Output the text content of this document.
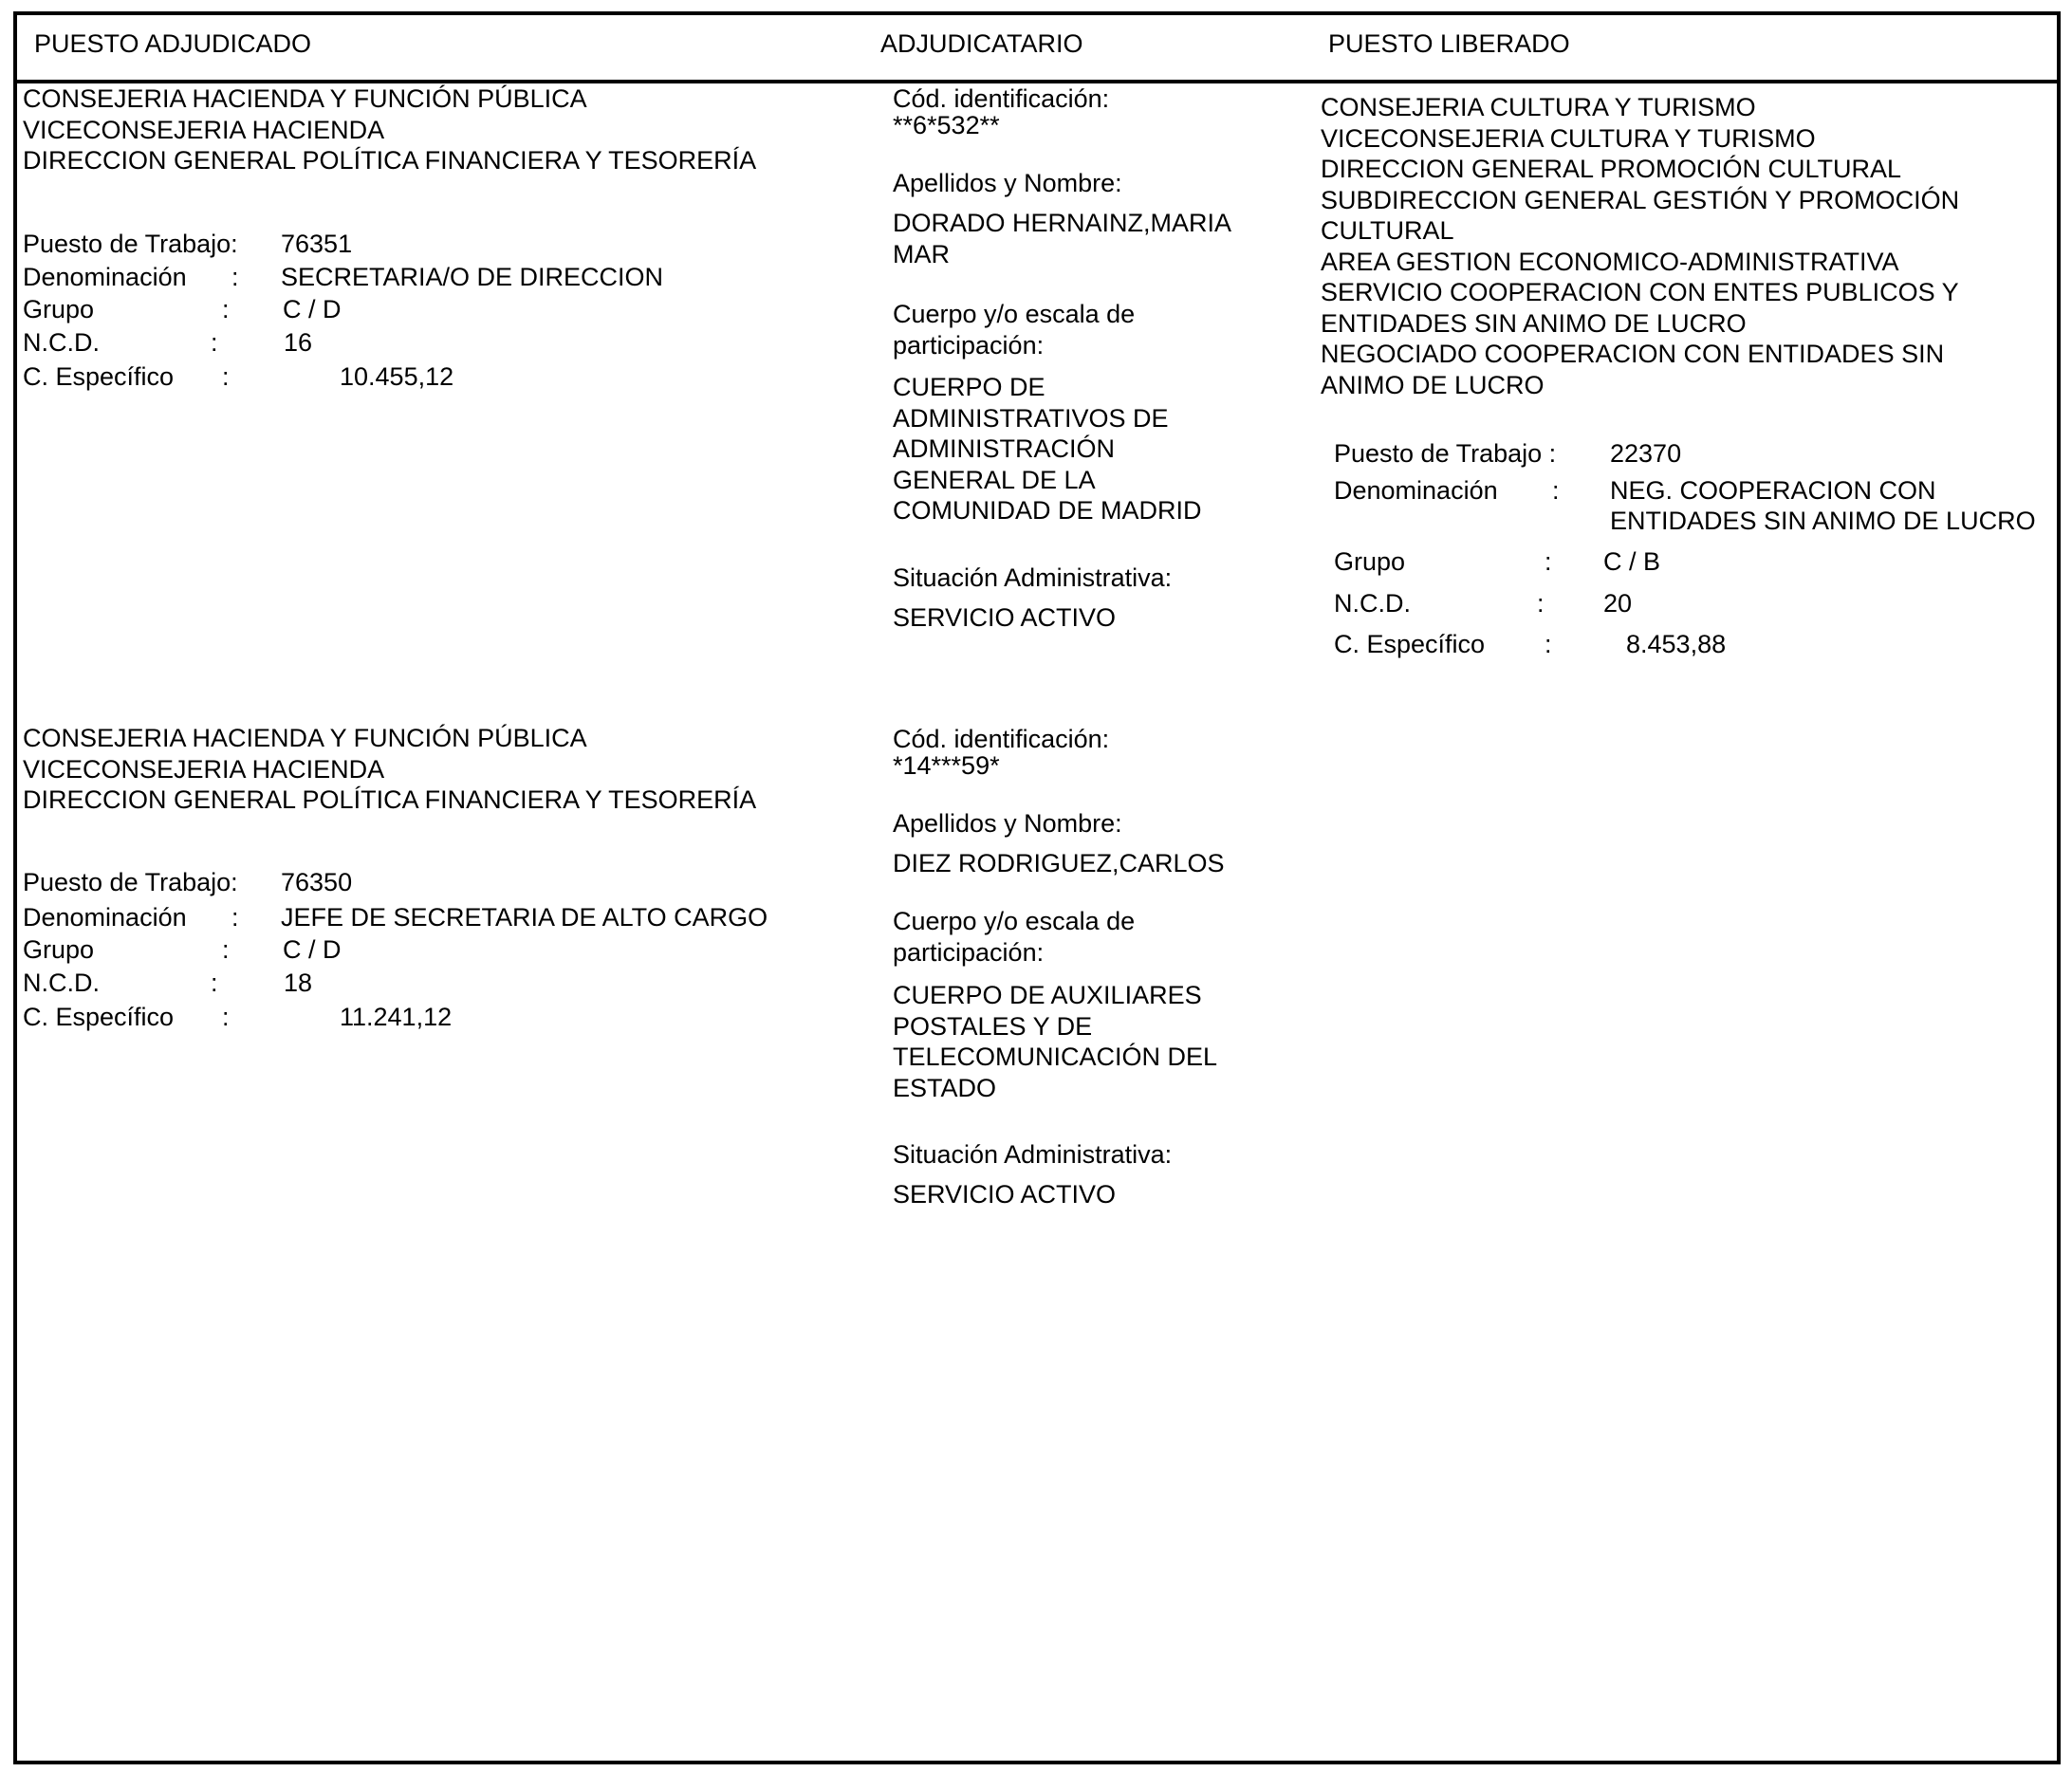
PUESTO ADJUDICADO	ADJUDICATARIO	PUESTO LIBERADO
CONSEJERIA HACIENDA Y FUNCIÓN PÚBLICA
VICECONSEJERIA HACIENDA
DIRECCION GENERAL POLÍTICA FINANCIERA Y TESORERÍA
Puesto de Trabajo: 76351
Denominación : SECRETARIA/O DE DIRECCION
Grupo	: C / D
N.C.D.	:	16
C. Específico :	10.455,12
Cód. identificación:
**6*532**
Apellidos y Nombre:
DORADO HERNAINZ,MARIA
MAR
Cuerpo y/o escala de
participación:
CUERPO DE
ADMINISTRATIVOS DE
ADMINISTRACIÓN
GENERAL DE LA
COMUNIDAD DE MADRID
Situación Administrativa:
SERVICIO ACTIVO
CONSEJERIA CULTURA Y TURISMO
VICECONSEJERIA CULTURA Y TURISMO
DIRECCION GENERAL PROMOCIÓN CULTURAL
SUBDIRECCION GENERAL GESTIÓN Y PROMOCIÓN
CULTURAL
AREA GESTION ECONOMICO-ADMINISTRATIVA
SERVICIO COOPERACION CON ENTES PUBLICOS Y
ENTIDADES SIN ANIMO DE LUCRO
NEGOCIADO COOPERACION CON ENTIDADES SIN
ANIMO DE LUCRO
Puesto de Trabajo : 22370
Denominación : NEG. COOPERACION CON
ENTIDADES SIN ANIMO DE LUCRO
Grupo	: C / B
N.C.D.	: 20
C. Específico :	8.453,88
CONSEJERIA HACIENDA Y FUNCIÓN PÚBLICA
VICECONSEJERIA HACIENDA
DIRECCION GENERAL POLÍTICA FINANCIERA Y TESORERÍA
Puesto de Trabajo: 76350
Denominación : JEFE DE SECRETARIA DE ALTO CARGO
Grupo	: C / D
N.C.D.	:	18
C. Específico :	11.241,12
Cód. identificación:
*14***59*
Apellidos y Nombre:
DIEZ RODRIGUEZ,CARLOS
Cuerpo y/o escala de
participación:
CUERPO DE AUXILIARES
POSTALES Y DE
TELECOMUNICACIÓN DEL
ESTADO
Situación Administrativa:
SERVICIO ACTIVO
